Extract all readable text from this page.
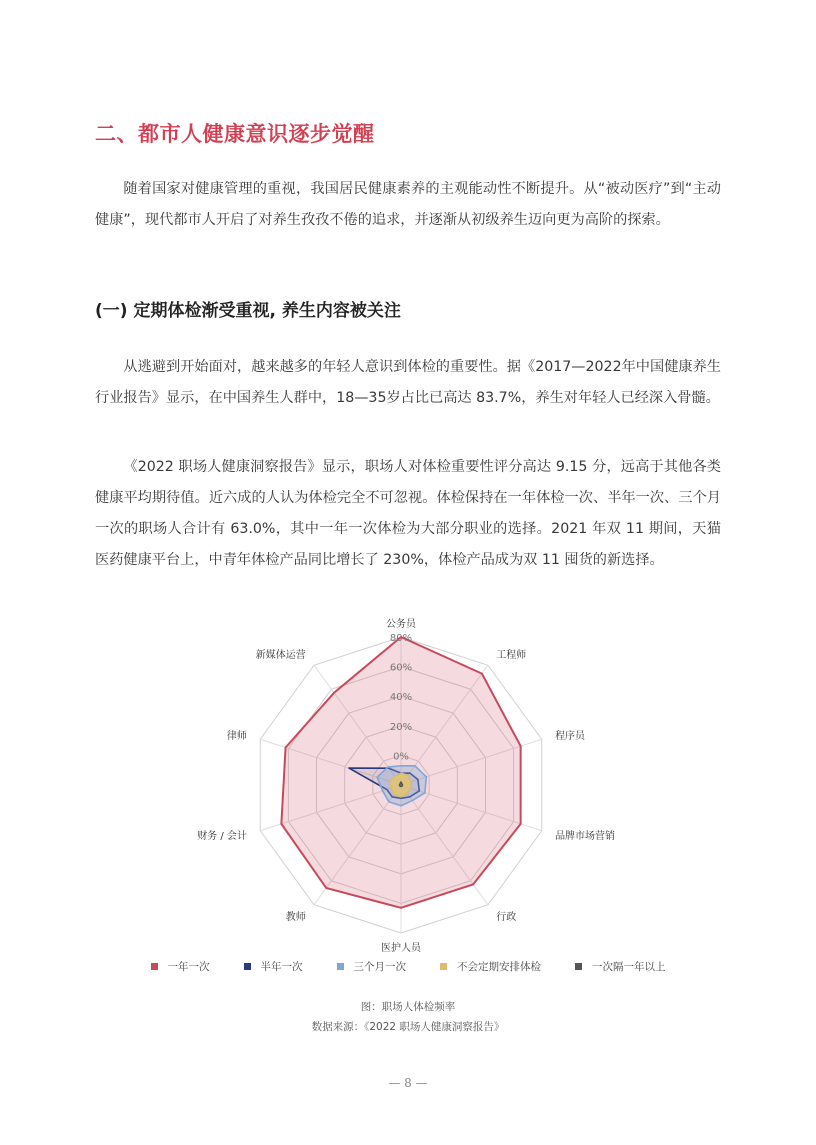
二、都市人健康意识逐步觉醒

随着国家对健康管理的重视，我国居民健康素养的主观能动性不断提升。从“被动医疗”到“主动健康”，现代都市人开启了对养生孜孜不倦的追求，并逐渐从初级养生迈向更为高阶的探索。

(一) 定期体检渐受重视, 养生内容被关注

从逃避到开始面对，越来越多的年轻人意识到体检的重要性。据《2017—2022年中国健康养生行业报告》显示，在中国养生人群中，18—35岁占比已高达 83.7%，养生对年轻人已经深入骨髓。

《2022 职场人健康洞察报告》显示，职场人对体检重要性评分高达 9.15 分，远高于其他各类健康平均期待值。近六成的人认为体检完全不可忽视。体检保持在一年体检一次、半年一次、三个月一次的职场人合计有 63.0%，其中一年一次体检为大部分职业的选择。2021 年双 11 期间，天猫医药健康平台上，中青年体检产品同比增长了 230%，体检产品成为双 11 囤货的新选择。

0%
20%
40%
60%
80%
公务员
工程师
程序员
品牌市场营销
行政
医护人员
教师
财务 / 会计
律师
新媒体运营
一年一次	半年一次	三个月一次	不会定期安排体检	一次隔一年以上
图：职场人体检频率
数据来源：《2022 职场人健康洞察报告》
— 8 —
